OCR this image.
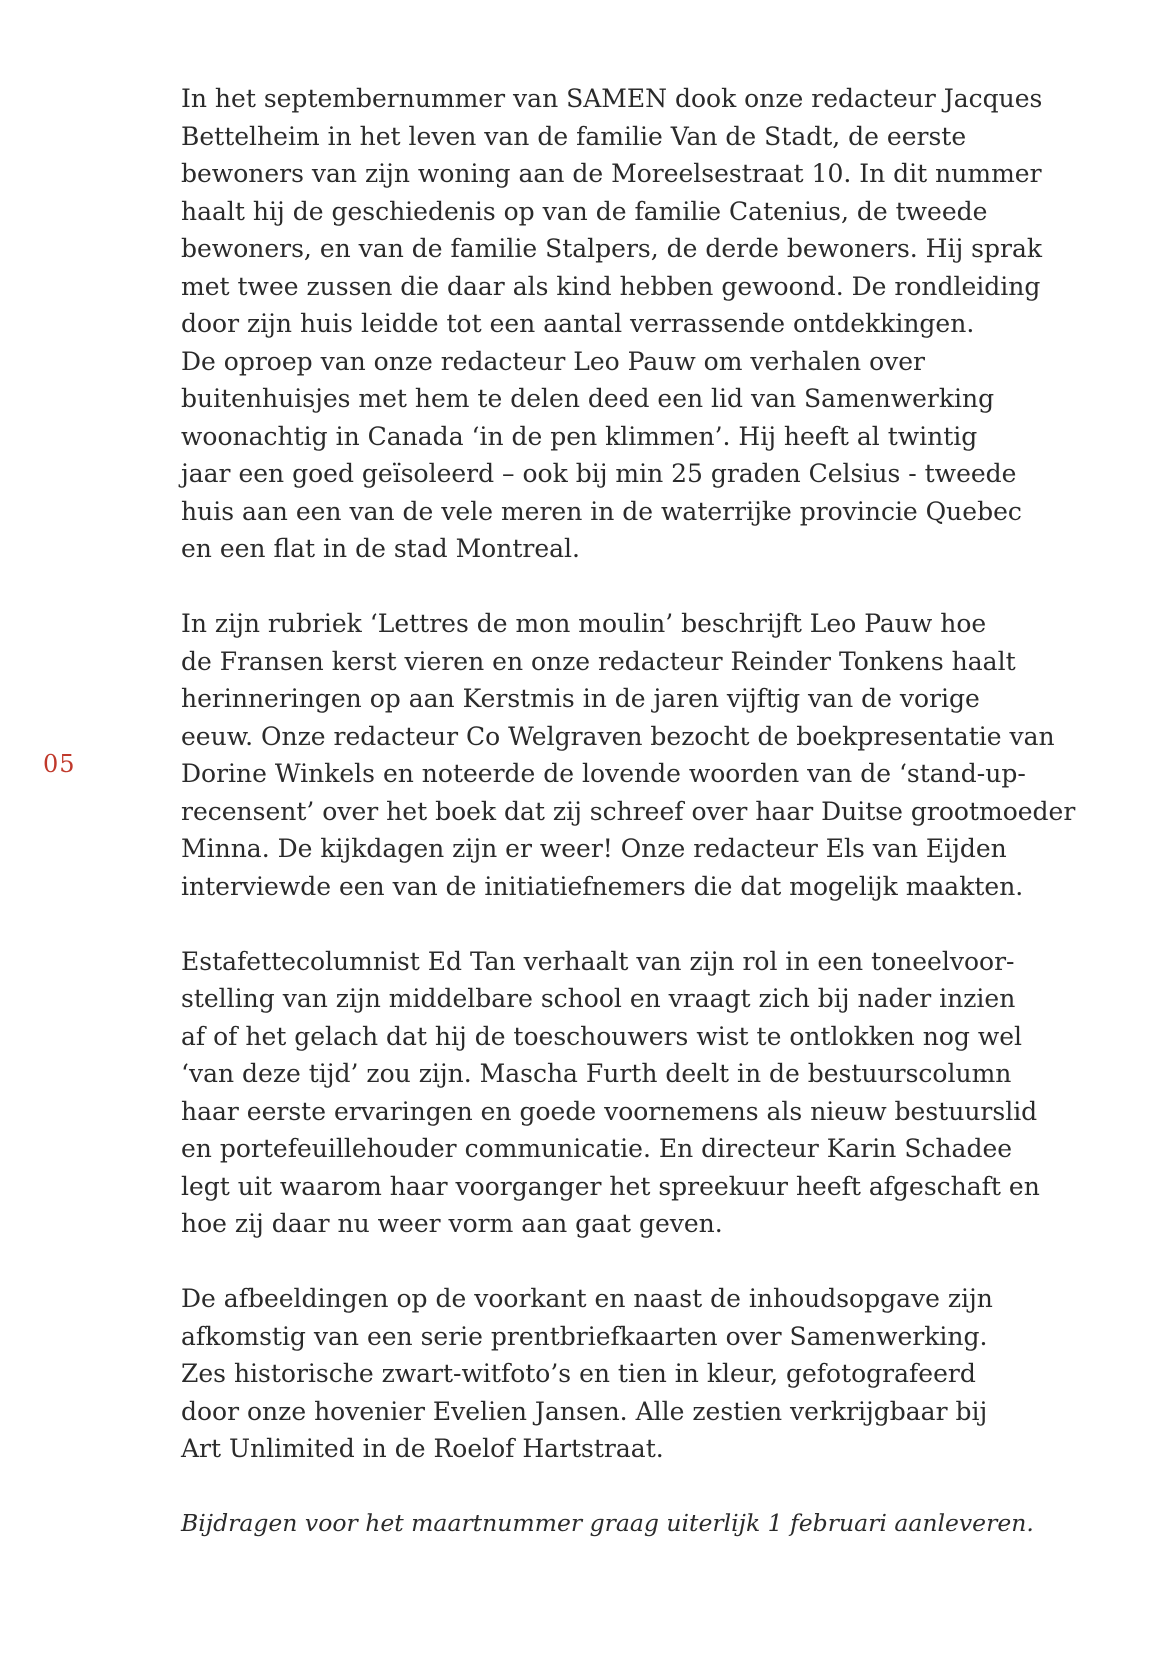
05
In het septembernummer van SAMEN dook onze redacteur Jacques
Bettelheim in het leven van de familie Van de Stadt, de eerste
bewoners van zijn woning aan de Moreelsestraat 10. In dit nummer
haalt hij de geschiedenis op van de familie Catenius, de tweede
bewoners, en van de familie Stalpers, de derde bewoners. Hij sprak
met twee zussen die daar als kind hebben gewoond. De rondleiding
door zijn huis leidde tot een aantal verrassende ontdekkingen.
De oproep van onze redacteur Leo Pauw om verhalen over
buitenhuisjes met hem te delen deed een lid van Samenwerking
woonachtig in Canada ‘in de pen klimmen’. Hij heeft al twintig
jaar een goed geïsoleerd – ook bij min 25 graden Celsius - tweede
huis aan een van de vele meren in de waterrijke provincie Quebec
en een flat in de stad Montreal.
In zijn rubriek ‘Lettres de mon moulin’ beschrijft Leo Pauw hoe
de Fransen kerst vieren en onze redacteur Reinder Tonkens haalt
herinneringen op aan Kerstmis in de jaren vijftig van de vorige
eeuw. Onze redacteur Co Welgraven bezocht de boekpresentatie van
Dorine Winkels en noteerde de lovende woorden van de ‘stand-up-
recensent’ over het boek dat zij schreef over haar Duitse grootmoeder
Minna. De kijkdagen zijn er weer! Onze redacteur Els van Eijden
interviewde een van de initiatiefnemers die dat mogelijk maakten.
Estafettecolumnist Ed Tan verhaalt van zijn rol in een toneelvoor-
stelling van zijn middelbare school en vraagt zich bij nader inzien
af of het gelach dat hij de toeschouwers wist te ontlokken nog wel
‘van deze tijd’ zou zijn. Mascha Furth deelt in de bestuurscolumn
haar eerste ervaringen en goede voornemens als nieuw bestuurslid
en portefeuillehouder communicatie. En directeur Karin Schadee
legt uit waarom haar voorganger het spreekuur heeft afgeschaft en
hoe zij daar nu weer vorm aan gaat geven.
De afbeeldingen op de voorkant en naast de inhoudsopgave zijn
afkomstig van een serie prentbriefkaarten over Samenwerking.
Zes historische zwart-witfoto’s en tien in kleur, gefotografeerd
door onze hovenier Evelien Jansen. Alle zestien verkrijgbaar bij
Art Unlimited in de Roelof Hartstraat.
Bijdragen voor het maartnummer graag uiterlijk 1 februari aanleveren.
